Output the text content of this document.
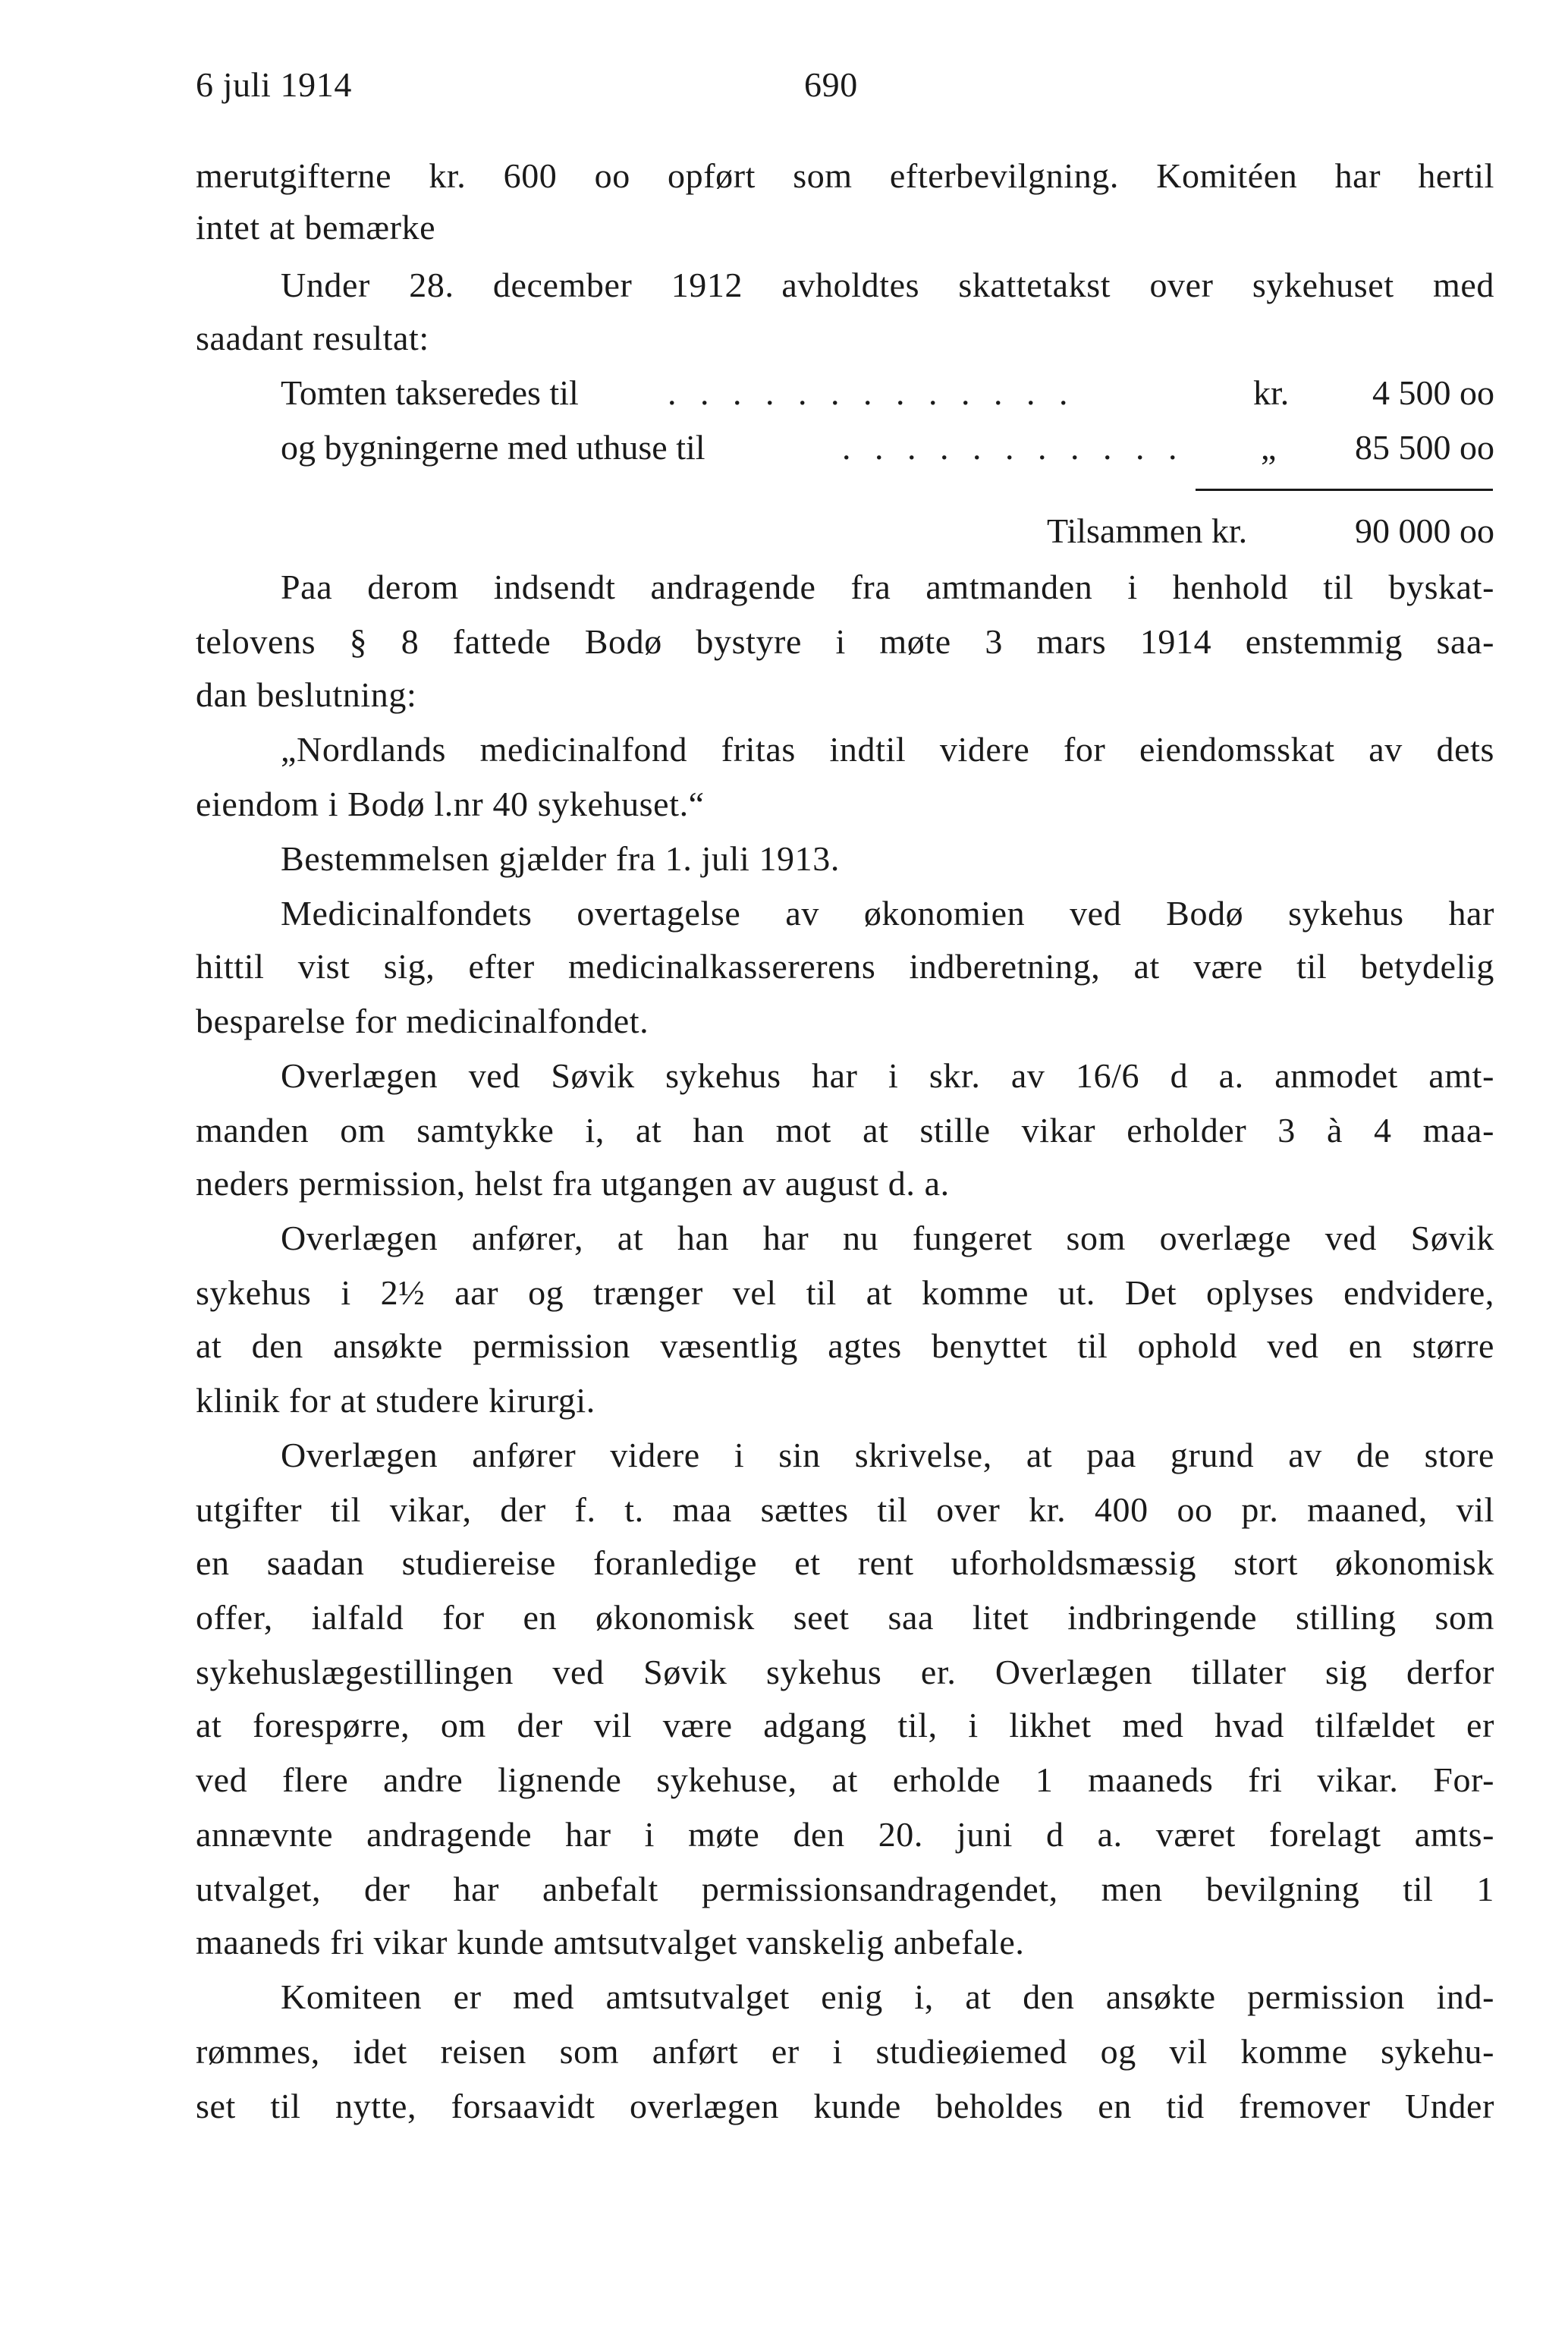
6 juli 1914	690
merutgifterne kr. 600 oo opført som efterbevilgning. Komitéen har hertil
intet at bemærke
Under 28. december 1912 avholdtes skattetakst over sykehuset med
saadant resultat:
Tomten takseredes til	. . . . . . . . . . . . .	kr.	4 500 oo
og bygningerne med uthuse til	. . . . . . . . . . . „	85 500 oo
Tilsammen kr.	90 000 oo
Paa derom indsendt andragende fra amtmanden i henhold til byskat-
telovens § 8 fattede Bodø bystyre i møte 3 mars 1914 enstemmig saa-
dan beslutning:
„Nordlands medicinalfond fritas indtil videre for eiendomsskat av dets
eiendom i Bodø l.nr 40 sykehuset.“
Bestemmelsen gjælder fra 1. juli 1913.
Medicinalfondets overtagelse av økonomien ved Bodø sykehus har
hittil vist sig, efter medicinalkassererens indberetning, at være til betydelig
besparelse for medicinalfondet.
Overlægen ved Søvik sykehus har i skr. av 16/6 d a. anmodet amt-
manden om samtykke i, at han mot at stille vikar erholder 3 à 4 maa-
neders permission, helst fra utgangen av august d. a.
Overlægen anfører, at han har nu fungeret som overlæge ved Søvik
sykehus i 2½ aar og trænger vel til at komme ut. Det oplyses endvidere,
at den ansøkte permission væsentlig agtes benyttet til ophold ved en større
klinik for at studere kirurgi.
Overlægen anfører videre i sin skrivelse, at paa grund av de store
utgifter til vikar, der f. t. maa sættes til over kr. 400 oo pr. maaned, vil
en saadan studiereise foranledige et rent uforholdsmæssig stort økonomisk
offer, ialfald for en økonomisk seet saa litet indbringende stilling som
sykehuslægestillingen ved Søvik sykehus er. Overlægen tillater sig derfor
at forespørre, om der vil være adgang til, i likhet med hvad tilfældet er
ved flere andre lignende sykehuse, at erholde 1 maaneds fri vikar. For-
annævnte andragende har i møte den 20. juni d a. været forelagt amts-
utvalget, der har anbefalt permissionsandragendet, men bevilgning til 1
maaneds fri vikar kunde amtsutvalget vanskelig anbefale.
Komiteen er med amtsutvalget enig i, at den ansøkte permission ind-
rømmes, idet reisen som anført er i studieøiemed og vil komme sykehu-
set til nytte, forsaavidt overlægen kunde beholdes en tid fremover Under
